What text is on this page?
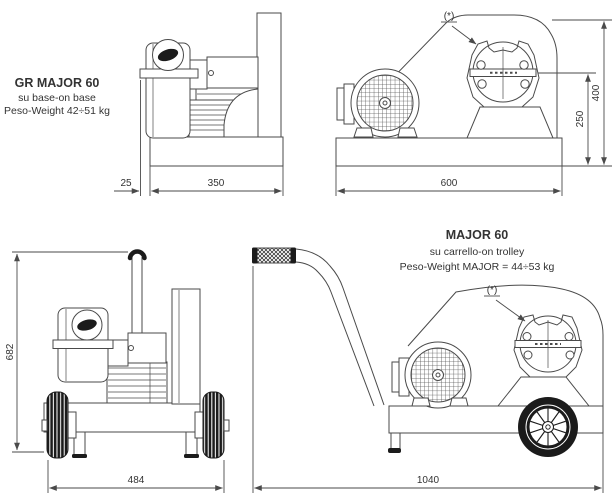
GR MAJOR 60
su base-on base
Peso-Weight 42÷51 kg
25	350
(*)
600
250
400
682
484
MAJOR 60
su carrello-on trolley
Peso-Weight MAJOR = 44÷53 kg
(*)
1040
